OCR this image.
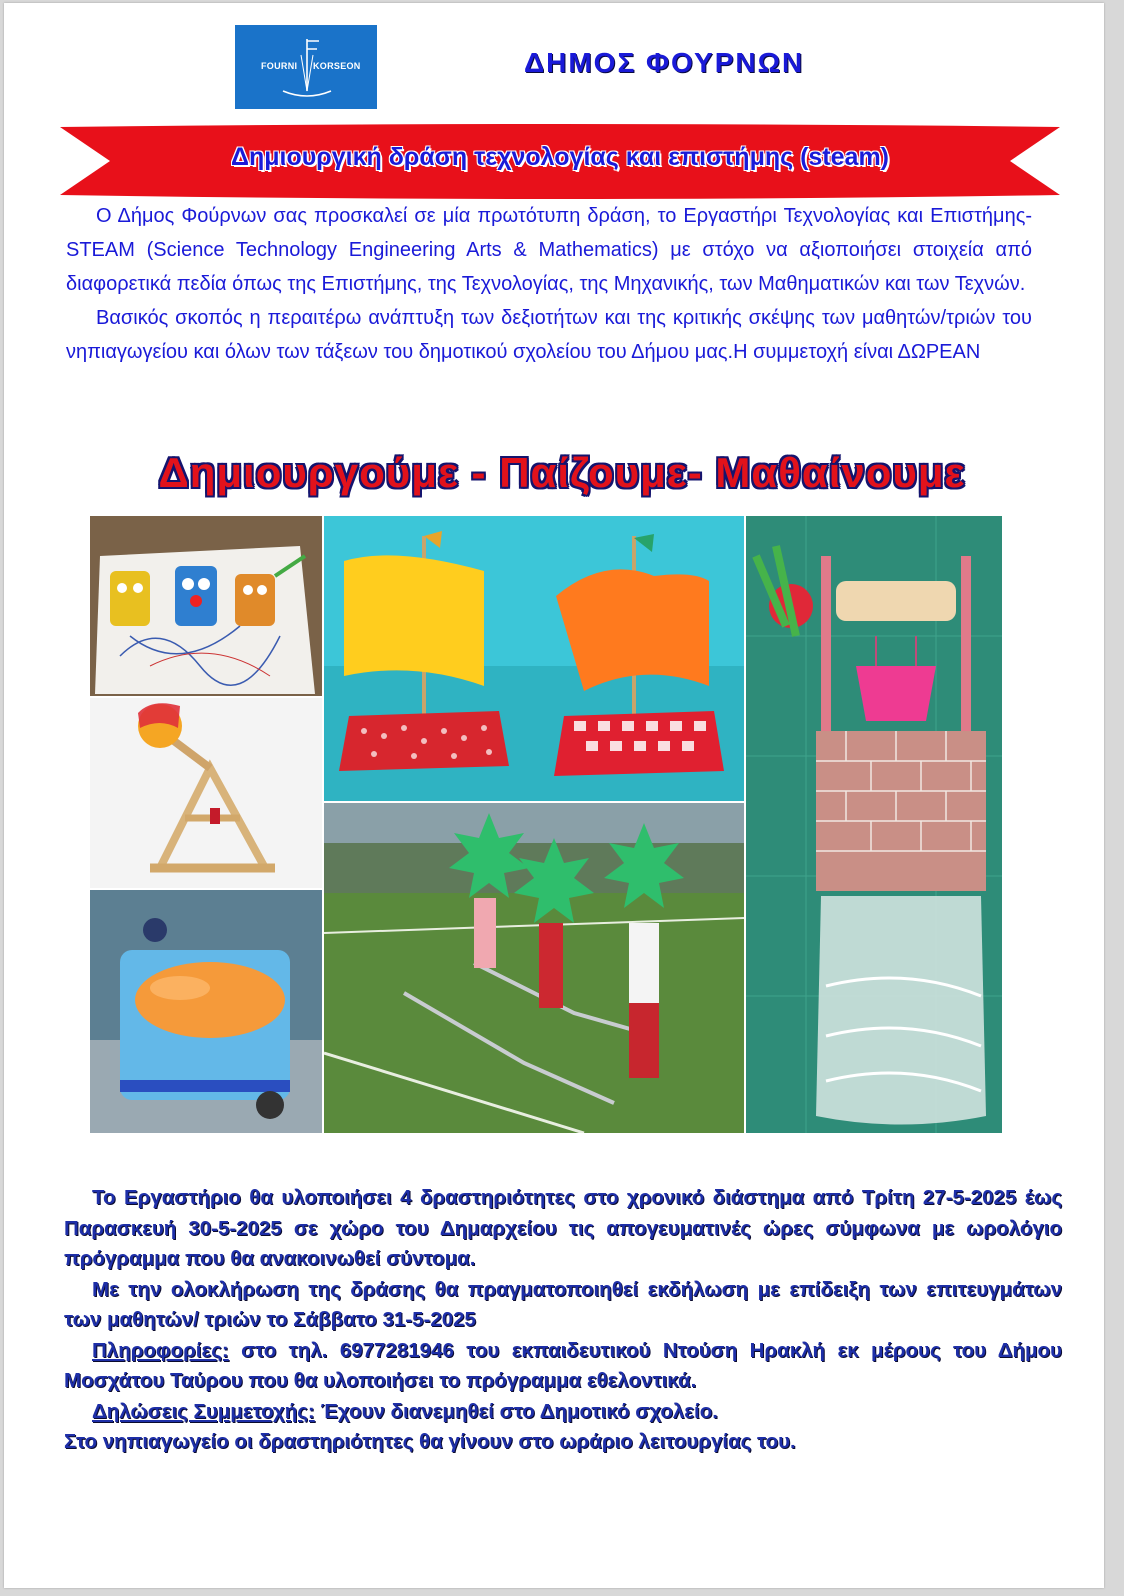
FOURNI KORSEON	ΔΗΜΟΣ ΦΟΥΡΝΩΝ
Δημιουργική δράση τεχνολογίας και επιστήμης (steam)

Ο Δήμος Φούρνων σας προσκαλεί σε μία πρωτότυπη δράση, το Εργαστήρι Τεχνολογίας και Επιστήμης- STEAM (Science Technology Engineering Arts & Mathematics) με στόχο να αξιοποιήσει στοιχεία από διαφορετικά πεδία όπως της Επιστήμης, της Τεχνολογίας, της Μηχανικής, των Μαθηματικών και των Τεχνών.

Βασικός σκοπός η περαιτέρω ανάπτυξη των δεξιοτήτων και της κριτικής σκέψης των μαθητών/τριών του νηπιαγωγείου και όλων των τάξεων του δημοτικού σχολείου του Δήμου μας.Η συμμετοχή είναι ΔΩΡΕΑΝ

Δημιουργούμε - Παίζουμε- Μαθαίνουμε

Το Εργαστήριο θα υλοποιήσει 4 δραστηριότητες στο χρονικό διάστημα από Τρίτη 27-5-2025 έως Παρασκευή 30-5-2025 σε χώρο του Δημαρχείου τις απογευματινές ώρες σύμφωνα με ωρολόγιο πρόγραμμα που θα ανακοινωθεί σύντομα.

Με την ολοκλήρωση της δράσης θα πραγματοποιηθεί εκδήλωση με επίδειξη των επιτευγμάτων των μαθητών/ τριών το Σάββατο 31-5-2025

Πληροφορίες: στο τηλ. 6977281946 του εκπαιδευτικού Ντούση Ηρακλή εκ μέρους του Δήμου Μοσχάτου Ταύρου που θα υλοποιήσει το πρόγραμμα εθελοντικά.

Δηλώσεις Συμμετοχής: Έχουν διανεμηθεί στο Δημοτικό σχολείο.

Στο νηπιαγωγείο οι δραστηριότητες θα γίνουν στο ωράριο λειτουργίας του.
